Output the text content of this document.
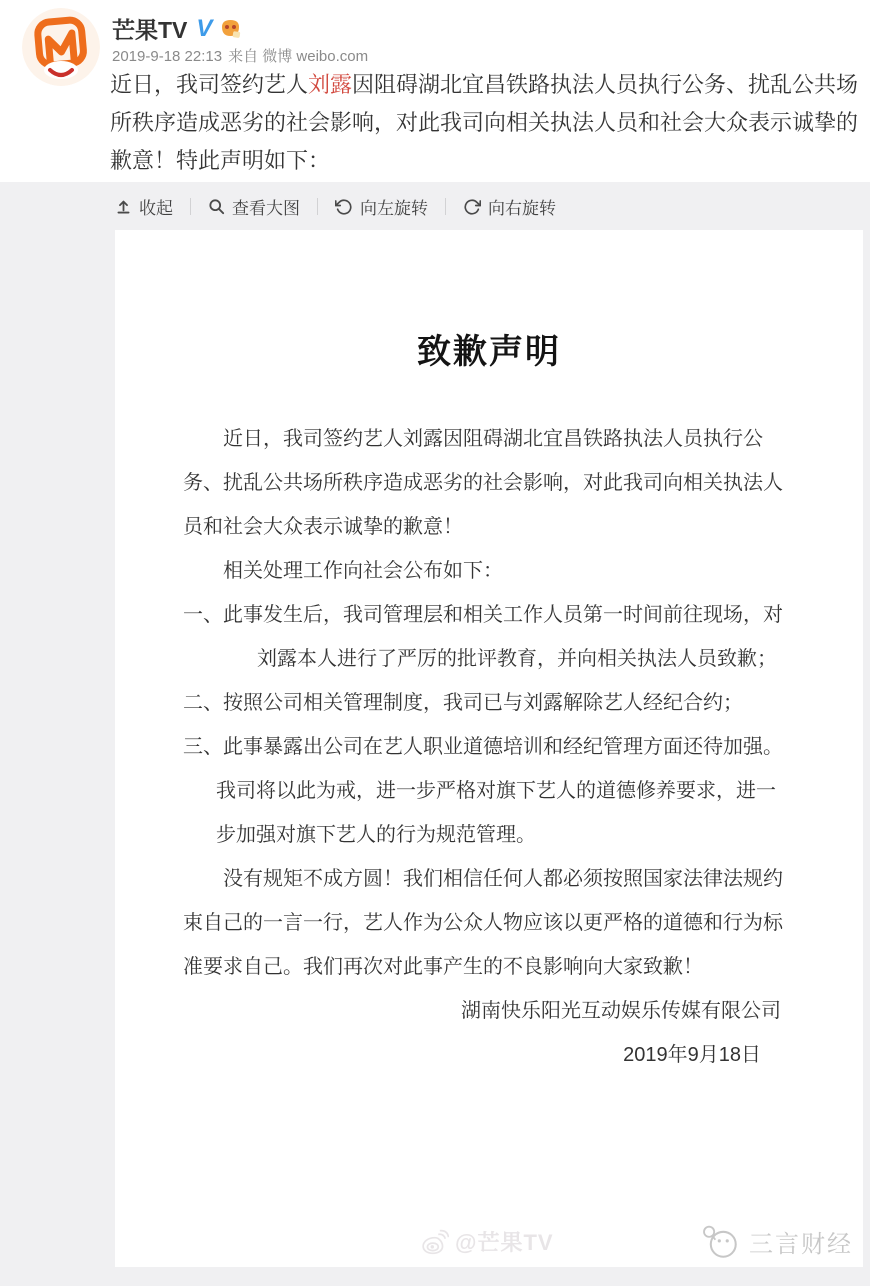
芒果TV V
2019-9-18 22:13 来自 微博 weibo.com
近日，我司签约艺人刘露因阻碍湖北宜昌铁路执法人员执行公务、扰乱公共场所秩序造成恶劣的社会影响，对此我司向相关执法人员和社会大众表示诚挚的歉意！特此声明如下：
收起	查看大图	向左旋转	向右旋转
致歉声明

近日，我司签约艺人刘露因阻碍湖北宜昌铁路执法人员执行公务、扰乱公共场所秩序造成恶劣的社会影响，对此我司向相关执法人员和社会大众表示诚挚的歉意！

相关处理工作向社会公布如下：

一、此事发生后，我司管理层和相关工作人员第一时间前往现场，对刘露本人进行了严厉的批评教育，并向相关执法人员致歉；

二、按照公司相关管理制度，我司已与刘露解除艺人经纪合约；

三、此事暴露出公司在艺人职业道德培训和经纪管理方面还待加强。我司将以此为戒，进一步严格对旗下艺人的道德修养要求，进一步加强对旗下艺人的行为规范管理。

没有规矩不成方圆！我们相信任何人都必须按照国家法律法规约束自己的一言一行，艺人作为公众人物应该以更严格的道德和行为标准要求自己。我们再次对此事产生的不良影响向大家致歉！

湖南快乐阳光互动娱乐传媒有限公司

2019年9月18日

@芒果TV	三言财经
